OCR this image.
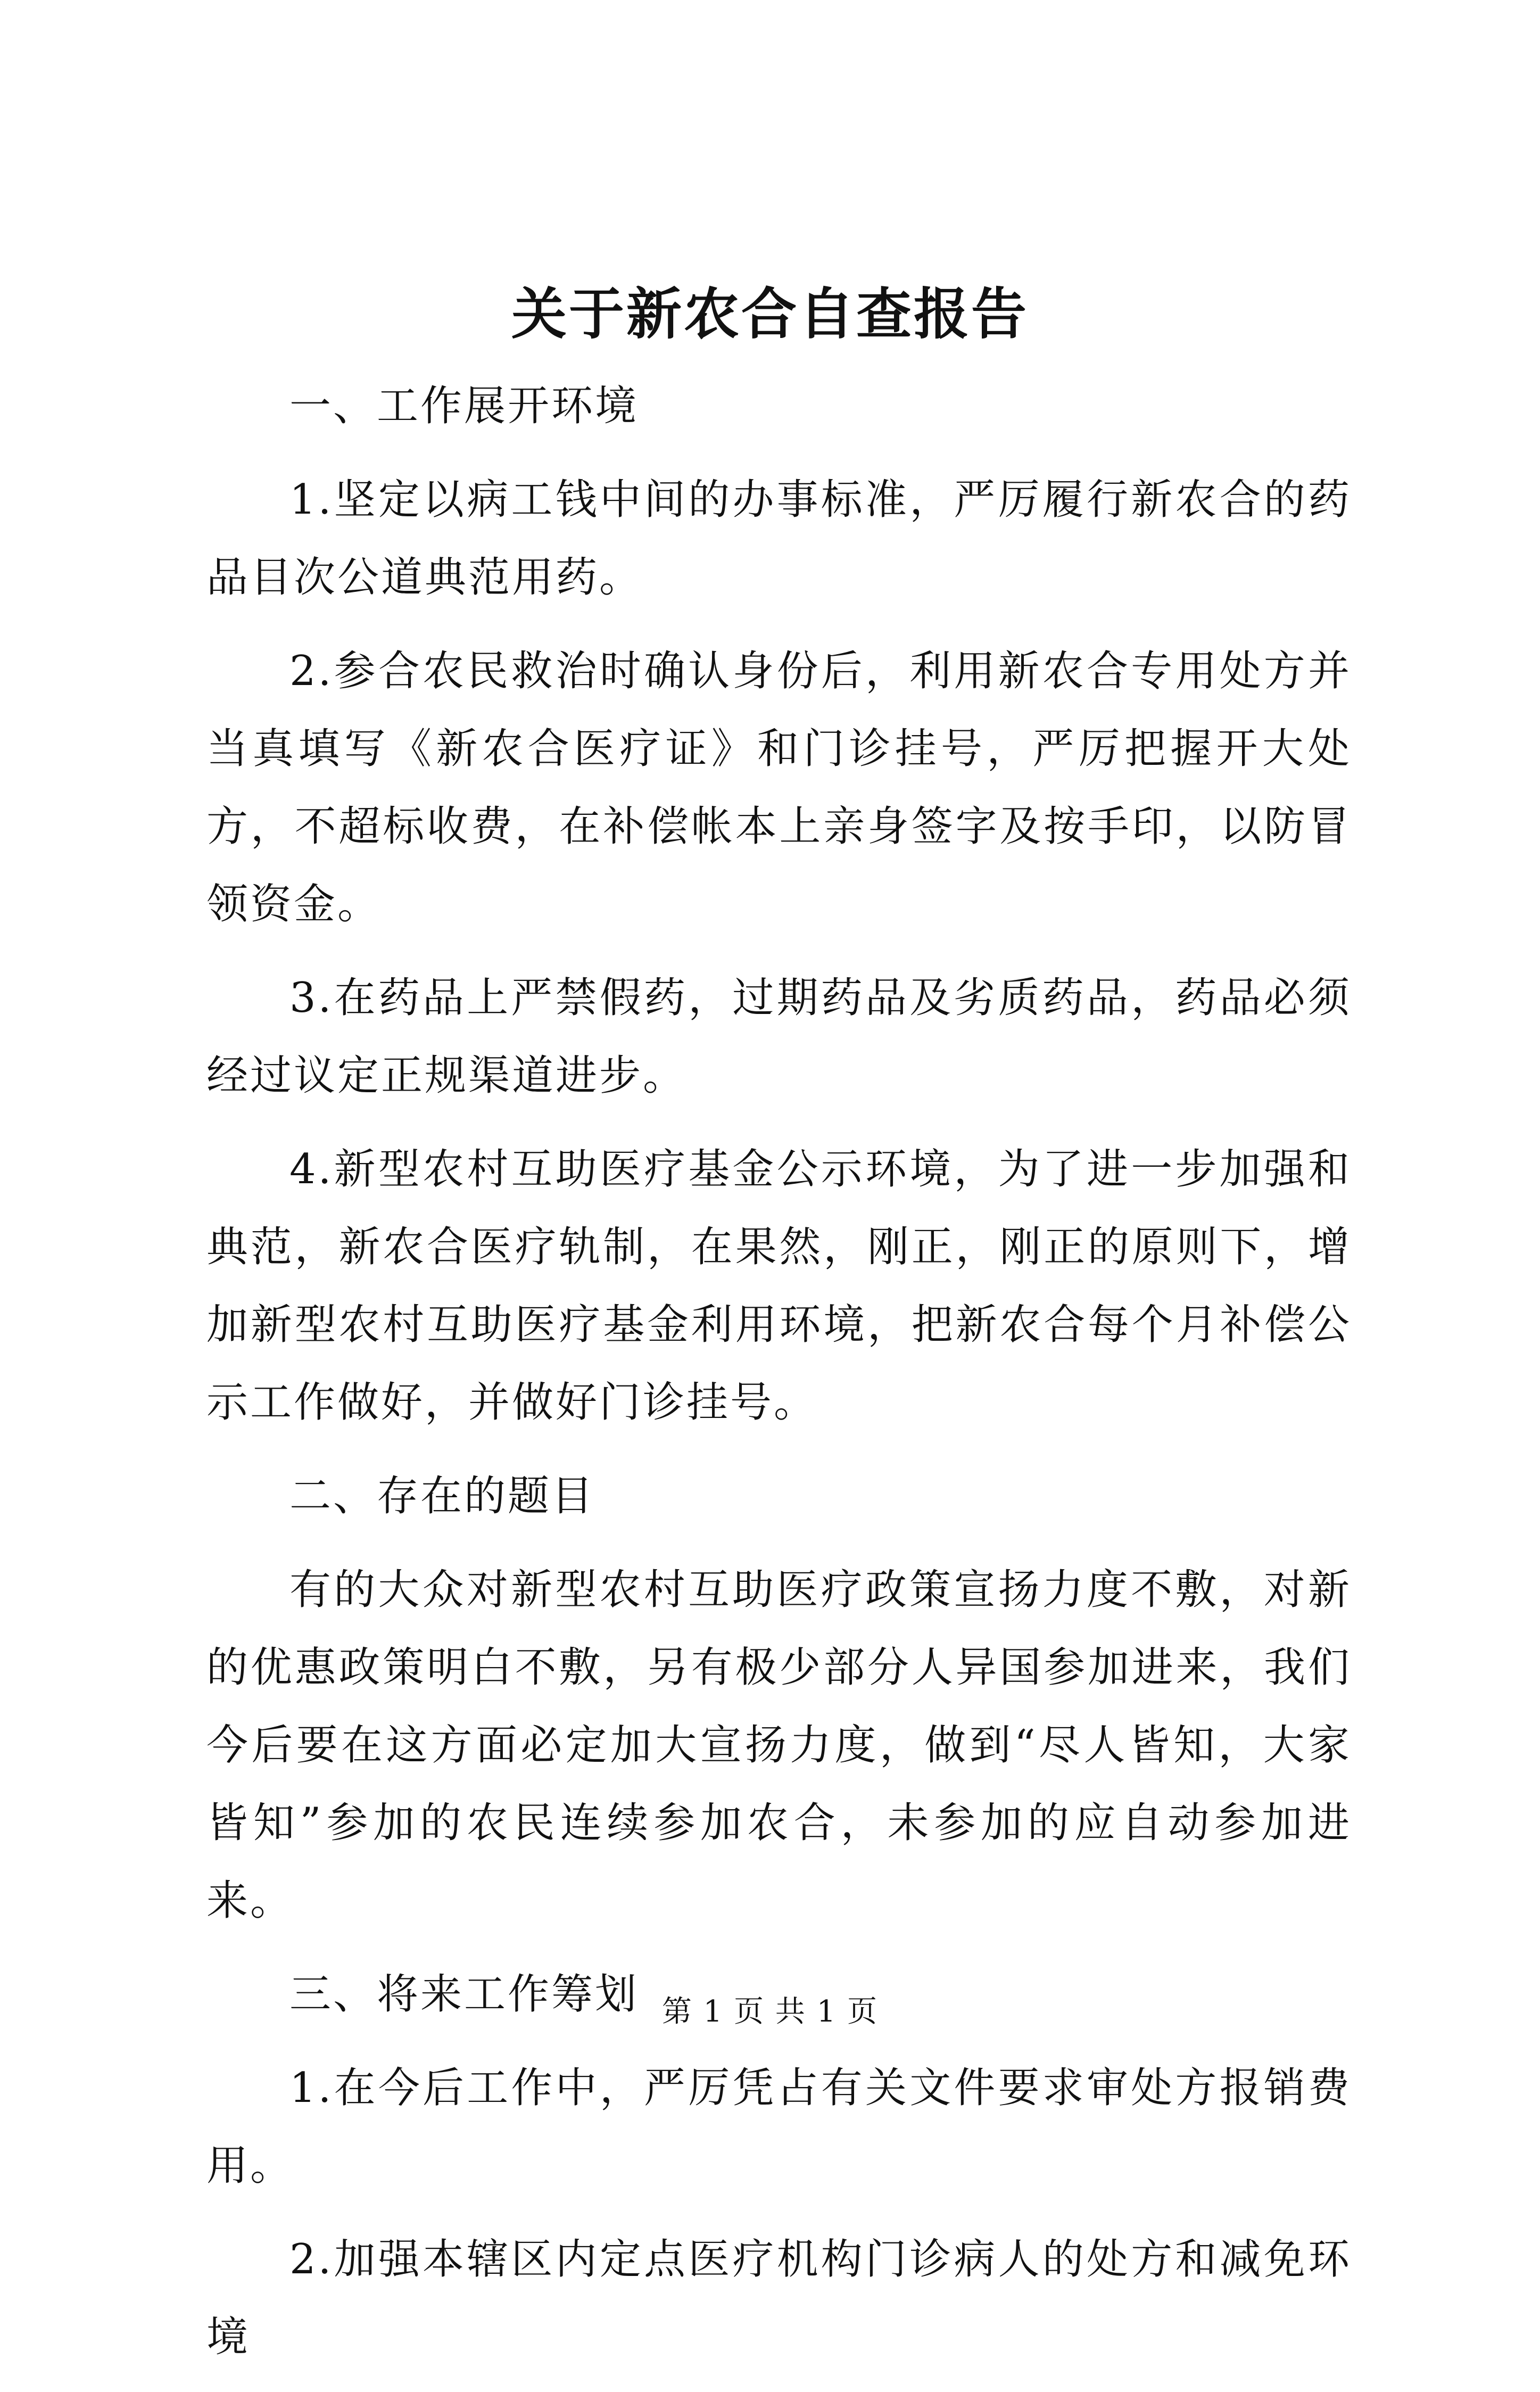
关于新农合自查报告

一、工作展开环境

1.坚定以病工钱中间的办事标准，严厉履行新农合的药品目次公道典范用药。

2.参合农民救治时确认身份后，利用新农合专用处方并当真填写《新农合医疗证》和门诊挂号，严厉把握开大处方，不超标收费，在补偿帐本上亲身签字及按手印，以防冒领资金。

3.在药品上严禁假药，过期药品及劣质药品，药品必须经过议定正规渠道进步。

4.新型农村互助医疗基金公示环境，为了进一步加强和典范，新农合医疗轨制，在果然，刚正，刚正的原则下，增加新型农村互助医疗基金利用环境，把新农合每个月补偿公示工作做好，并做好门诊挂号。

二、存在的题目

有的大众对新型农村互助医疗政策宣扬力度不敷，对新的优惠政策明白不敷，另有极少部分人异国参加进来，我们今后要在这方面必定加大宣扬力度，做到“尽人皆知，大家皆知”参加的农民连续参加农合，未参加的应自动参加进来。

三、将来工作筹划

1.在今后工作中，严厉凭占有关文件要求审处方报销费用。

2.加强本辖区内定点医疗机构门诊病人的处方和减免环境

第 1 页 共 1 页
